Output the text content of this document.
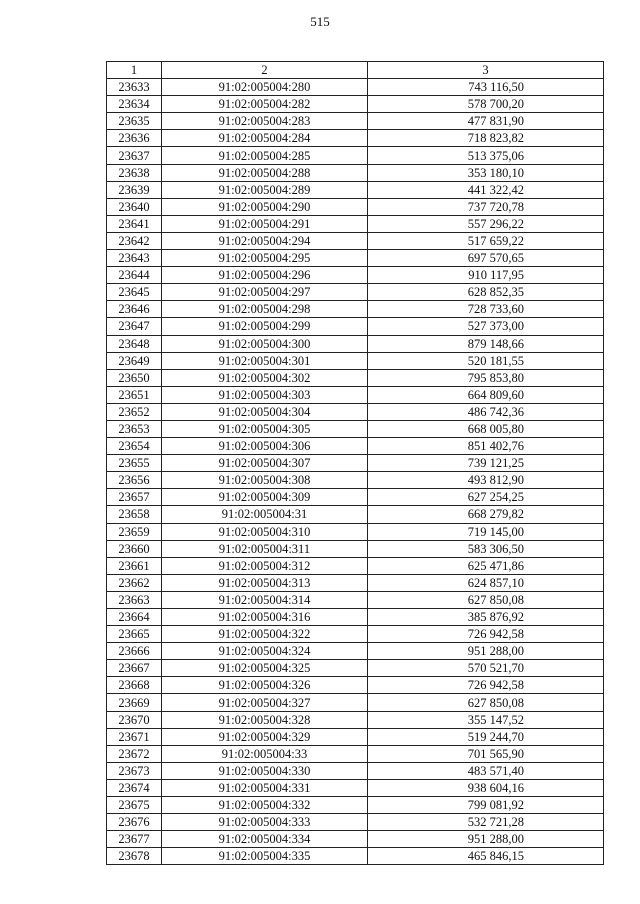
515
1	2	3
23633	91:02:005004:280	743 116,50
23634	91:02:005004:282	578 700,20
23635	91:02:005004:283	477 831,90
23636	91:02:005004:284	718 823,82
23637	91:02:005004:285	513 375,06
23638	91:02:005004:288	353 180,10
23639	91:02:005004:289	441 322,42
23640	91:02:005004:290	737 720,78
23641	91:02:005004:291	557 296,22
23642	91:02:005004:294	517 659,22
23643	91:02:005004:295	697 570,65
23644	91:02:005004:296	910 117,95
23645	91:02:005004:297	628 852,35
23646	91:02:005004:298	728 733,60
23647	91:02:005004:299	527 373,00
23648	91:02:005004:300	879 148,66
23649	91:02:005004:301	520 181,55
23650	91:02:005004:302	795 853,80
23651	91:02:005004:303	664 809,60
23652	91:02:005004:304	486 742,36
23653	91:02:005004:305	668 005,80
23654	91:02:005004:306	851 402,76
23655	91:02:005004:307	739 121,25
23656	91:02:005004:308	493 812,90
23657	91:02:005004:309	627 254,25
23658	91:02:005004:31	668 279,82
23659	91:02:005004:310	719 145,00
23660	91:02:005004:311	583 306,50
23661	91:02:005004:312	625 471,86
23662	91:02:005004:313	624 857,10
23663	91:02:005004:314	627 850,08
23664	91:02:005004:316	385 876,92
23665	91:02:005004:322	726 942,58
23666	91:02:005004:324	951 288,00
23667	91:02:005004:325	570 521,70
23668	91:02:005004:326	726 942,58
23669	91:02:005004:327	627 850,08
23670	91:02:005004:328	355 147,52
23671	91:02:005004:329	519 244,70
23672	91:02:005004:33	701 565,90
23673	91:02:005004:330	483 571,40
23674	91:02:005004:331	938 604,16
23675	91:02:005004:332	799 081,92
23676	91:02:005004:333	532 721,28
23677	91:02:005004:334	951 288,00
23678	91:02:005004:335	465 846,15
